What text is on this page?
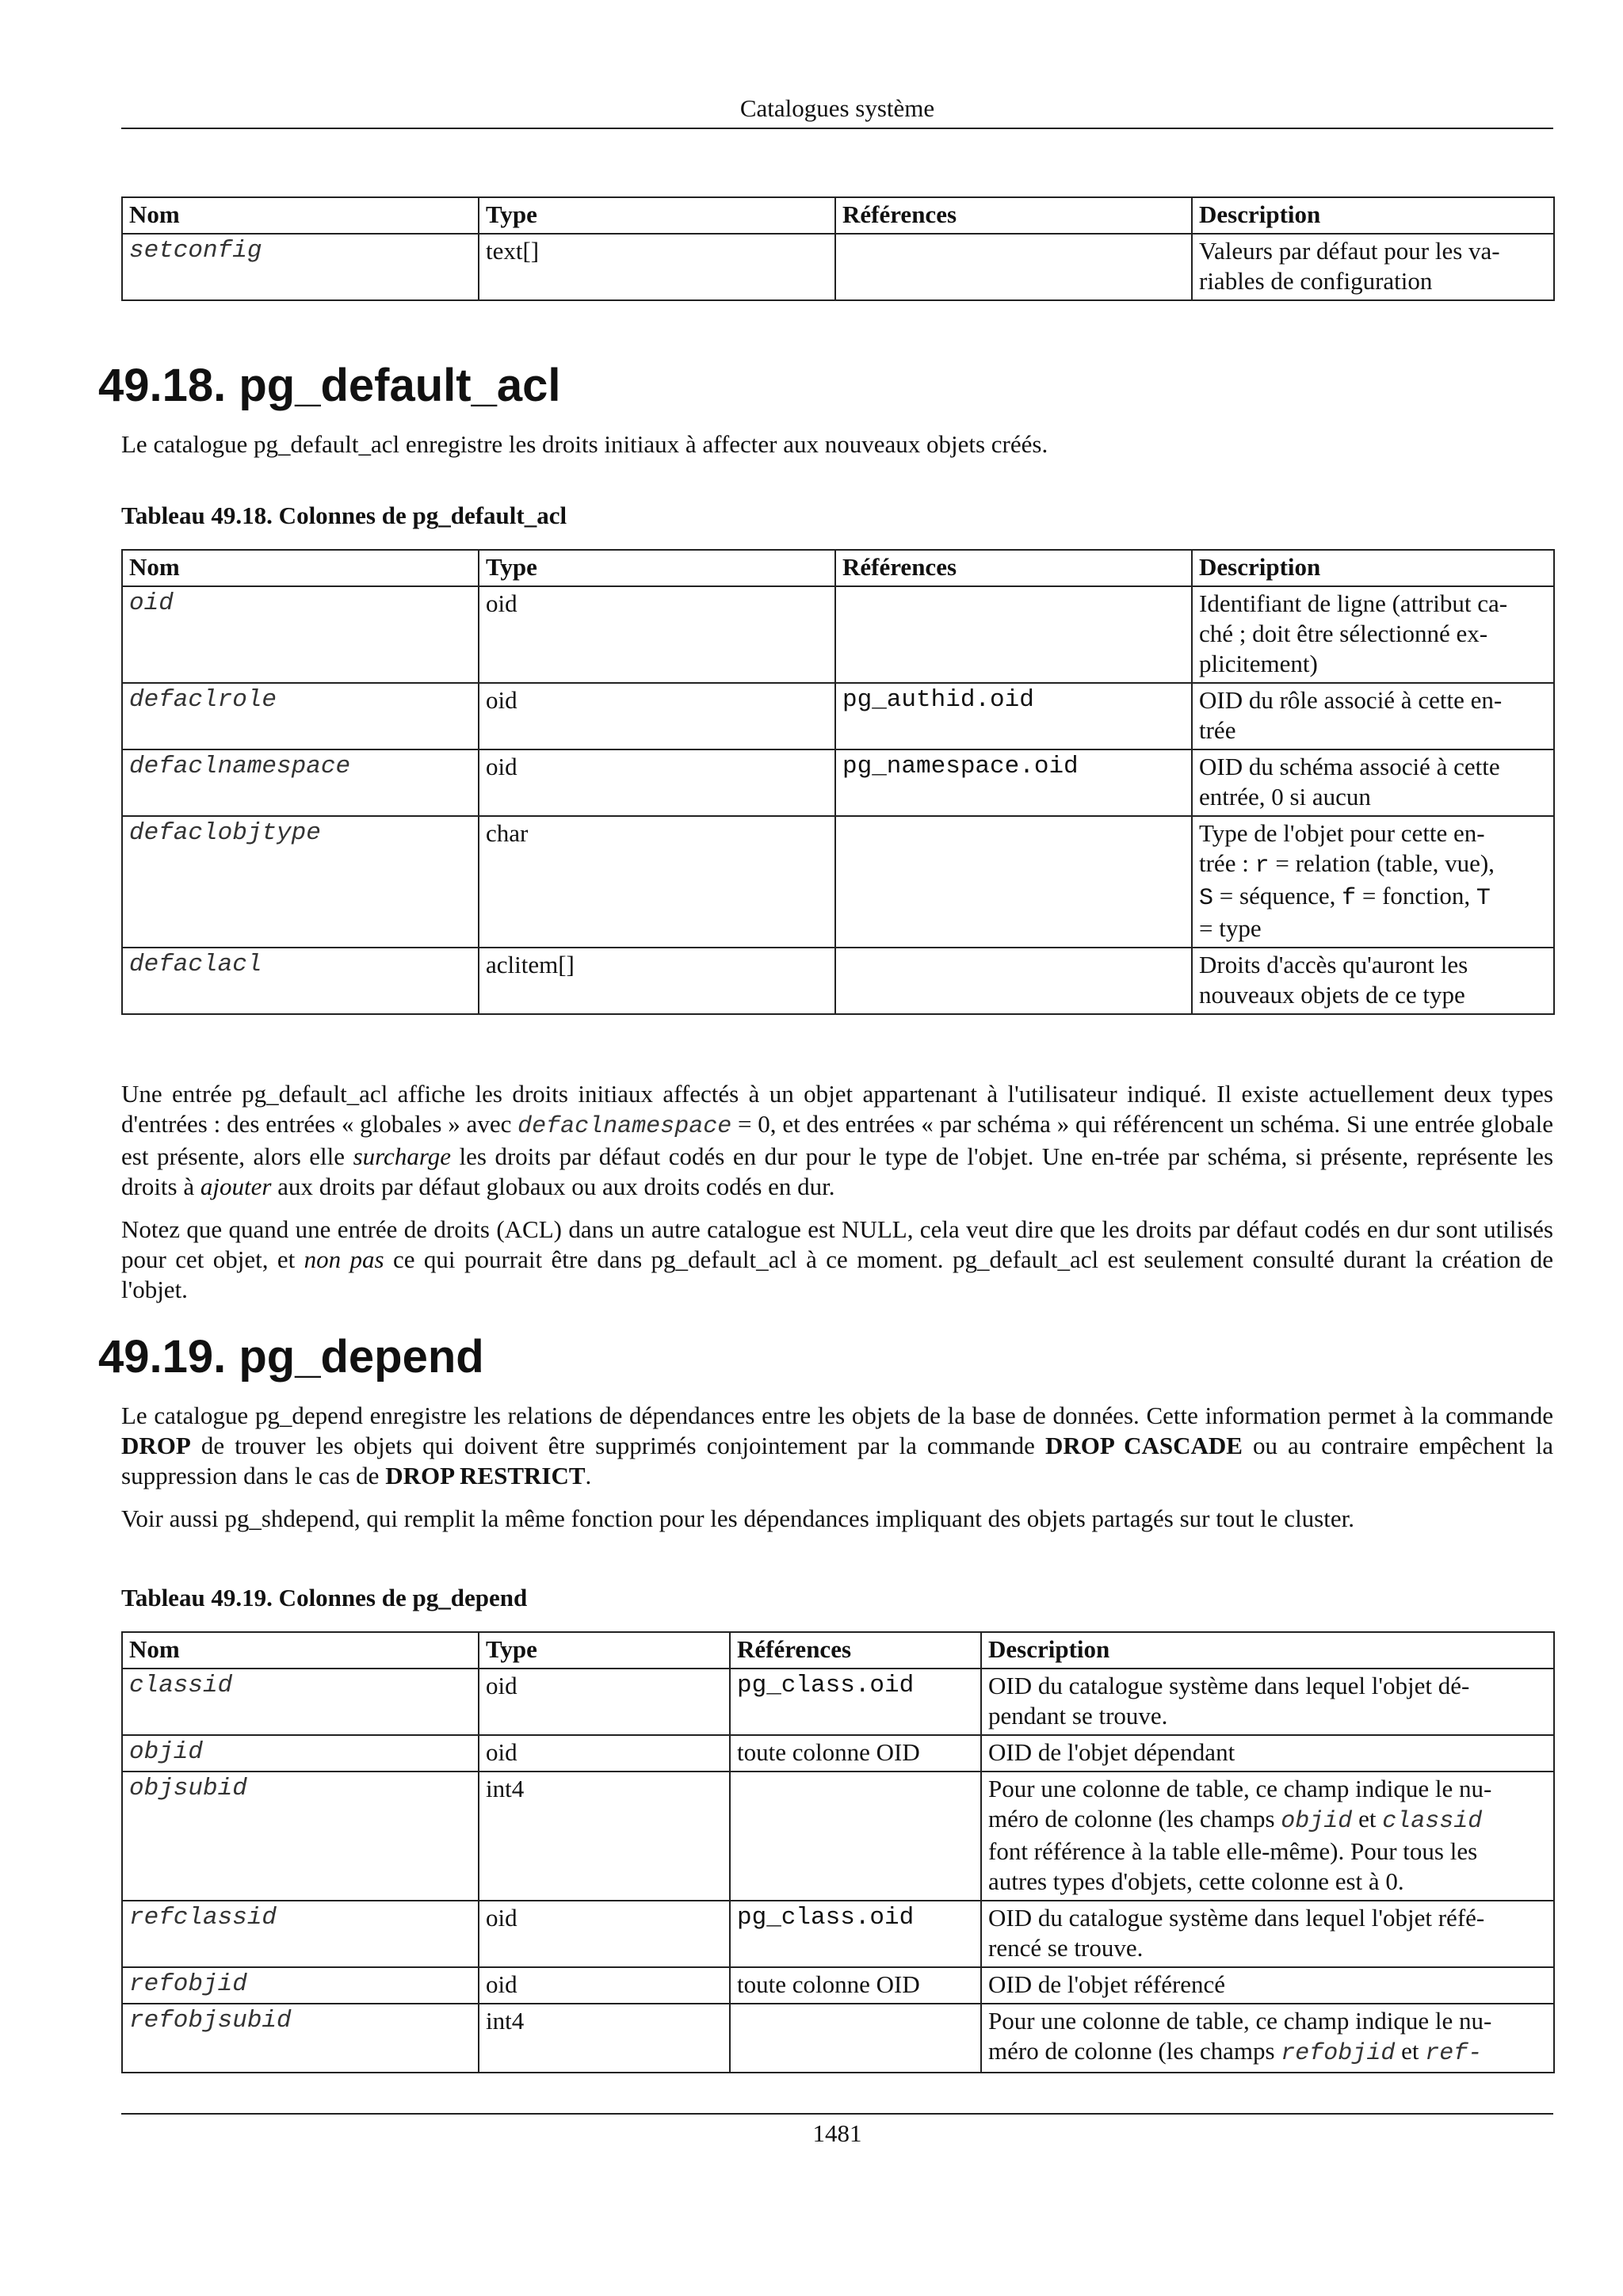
Catalogues système
Nom	Type	Références	Description
setconfig	text[]		Valeurs par défaut pour les va-
riables de configuration
49.18. pg_default_acl

Le catalogue pg_default_acl enregistre les droits initiaux à affecter aux nouveaux objets créés.

Tableau 49.18. Colonnes de pg_default_acl

Nom	Type	Références	Description
oid	oid		Identifiant de ligne (attribut ca-
ché ; doit être sélectionné ex-
plicitement)
defaclrole	oid	pg_authid.oid	OID du rôle associé à cette en-
trée
defaclnamespace	oid	pg_namespace.oid	OID du schéma associé à cette
entrée, 0 si aucun
defaclobjtype	char		Type de l'objet pour cette en-
trée : r = relation (table, vue),
S = séquence, f = fonction, T
= type
defaclacl	aclitem[]		Droits d'accès qu'auront les
nouveaux objets de ce type

Une entrée pg_default_acl affiche les droits initiaux affectés à un objet appartenant à l'utilisateur indiqué. Il existe actuellement deux types d'entrées : des entrées « globales » avec defaclnamespace = 0, et des entrées « par schéma » qui référencent un schéma. Si une entrée globale est présente, alors elle surcharge les droits par défaut codés en dur pour le type de l'objet. Une en-trée par schéma, si présente, représente les droits à ajouter aux droits par défaut globaux ou aux droits codés en dur.

Notez que quand une entrée de droits (ACL) dans un autre catalogue est NULL, cela veut dire que les droits par défaut codés en dur sont utilisés pour cet objet, et non pas ce qui pourrait être dans pg_default_acl à ce moment. pg_default_acl est seulement consulté durant la création de l'objet.

49.19. pg_depend

Le catalogue pg_depend enregistre les relations de dépendances entre les objets de la base de données. Cette information permet à la commande DROP de trouver les objets qui doivent être supprimés conjointement par la commande DROP CASCADE ou au contraire empêchent la suppression dans le cas de DROP RESTRICT.

Voir aussi pg_shdepend, qui remplit la même fonction pour les dépendances impliquant des objets partagés sur tout le cluster.

Tableau 49.19. Colonnes de pg_depend

Nom	Type	Références	Description
classid	oid	pg_class.oid	OID du catalogue système dans lequel l'objet dé-
pendant se trouve.
objid	oid	toute colonne OID	OID de l'objet dépendant
objsubid	int4		Pour une colonne de table, ce champ indique le nu-
méro de colonne (les champs objid et classid
font référence à la table elle-même). Pour tous les
autres types d'objets, cette colonne est à 0.
refclassid	oid	pg_class.oid	OID du catalogue système dans lequel l'objet réfé-
rencé se trouve.
refobjid	oid	toute colonne OID	OID de l'objet référencé
refobjsubid	int4		Pour une colonne de table, ce champ indique le nu-
méro de colonne (les champs refobjid et ref-
1481
